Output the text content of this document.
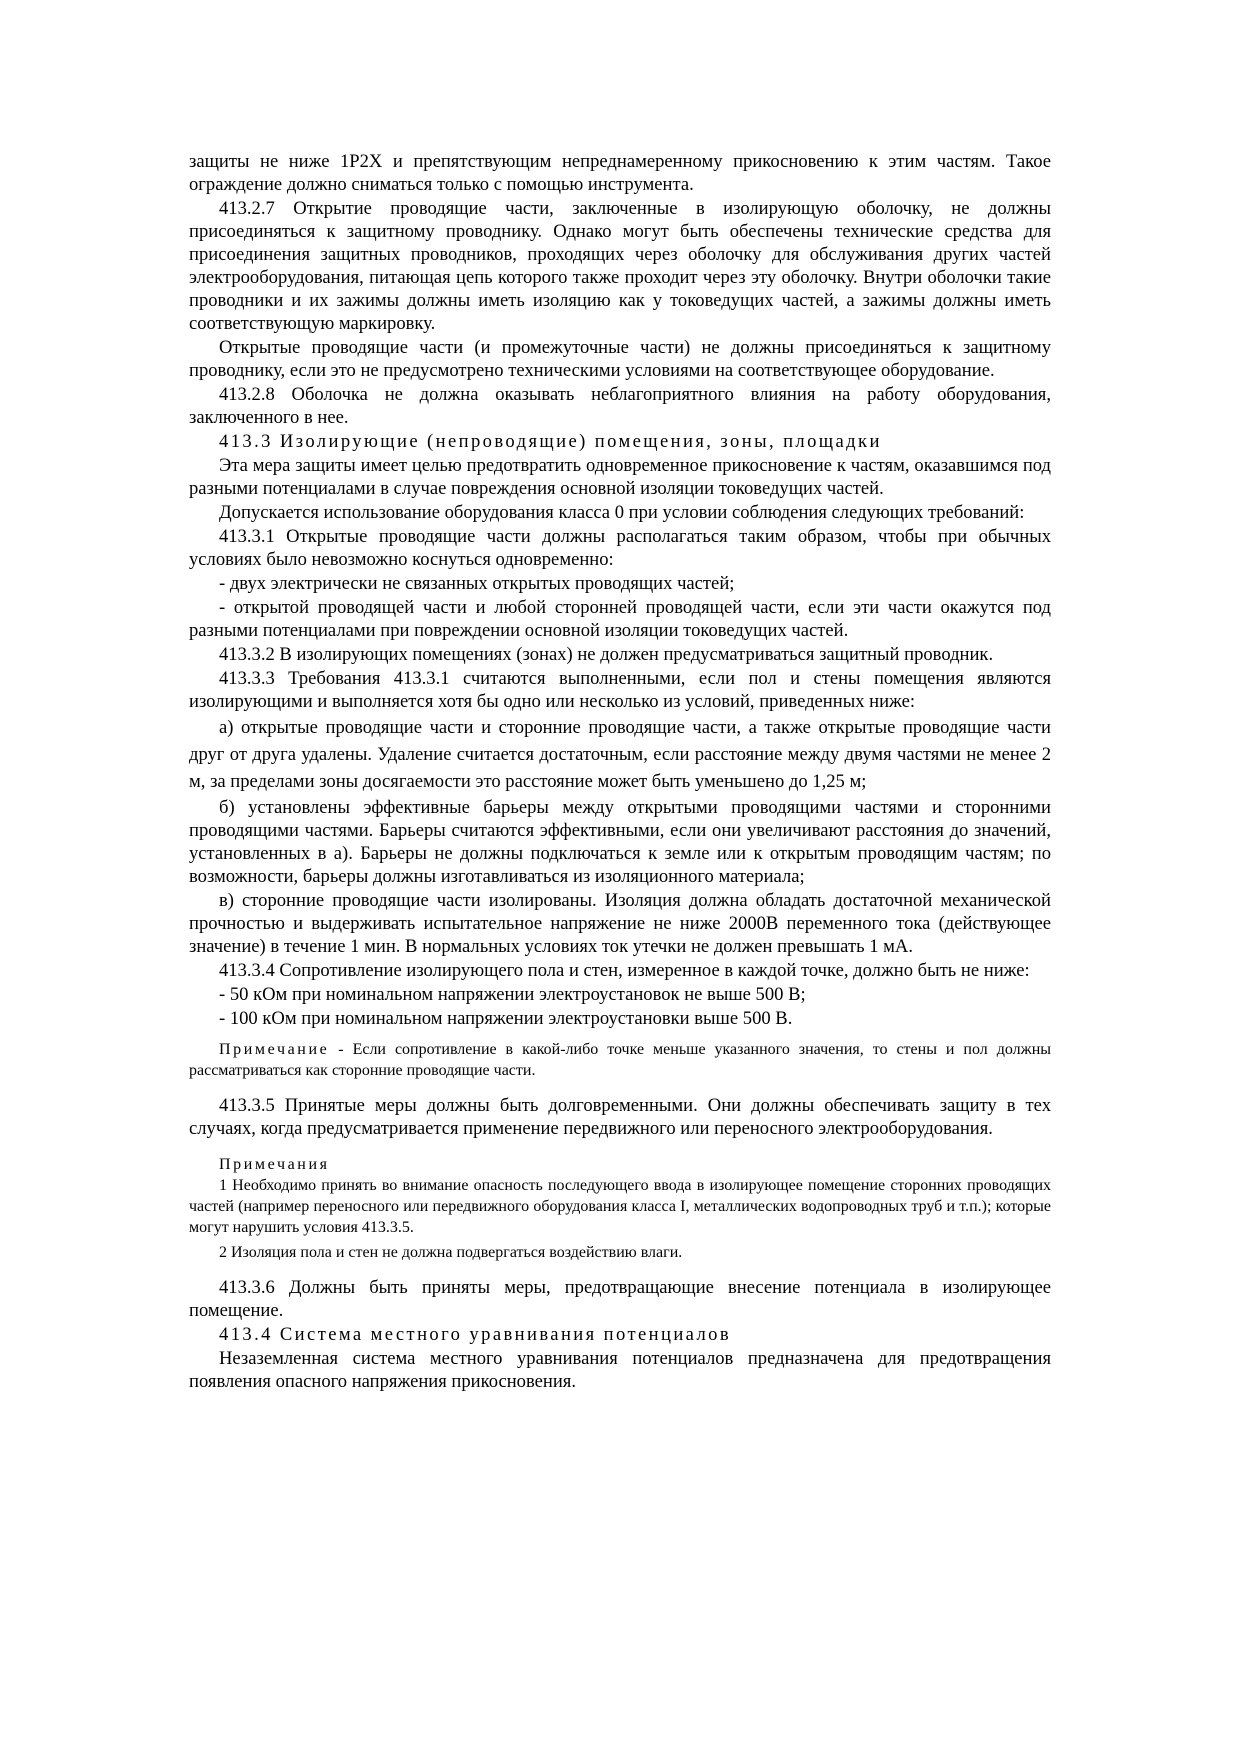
защиты не ниже 1Р2Х и препятствующим непреднамеренному прикосновению к этим частям. Такое ограждение должно сниматься только с помощью инструмента.

413.2.7 Открытие проводящие части, заключенные в изолирующую оболочку, не должны присоединяться к защитному проводнику. Однако могут быть обеспечены технические средства для присоединения защитных проводников, проходящих через оболочку для обслуживания других частей электрооборудования, питающая цепь которого также проходит через эту оболочку. Внутри оболочки такие проводники и их зажимы должны иметь изоляцию как у токоведущих частей, а зажимы должны иметь соответствующую маркировку.

Открытые проводящие части (и промежуточные части) не должны присоединяться к защитному проводнику, если это не предусмотрено техническими условиями на соответствующее оборудование.

413.2.8 Оболочка не должна оказывать неблагоприятного влияния на работу оборудования, заключенного в нее.

413.3 Изолирующие (непроводящие) помещения, зоны, площадки

Эта мера защиты имеет целью предотвратить одновременное прикосновение к частям, оказавшимся под разными потенциалами в случае повреждения основной изоляции токоведущих частей.

Допускается использование оборудования класса 0 при условии соблюдения следующих требований:

413.3.1 Открытые проводящие части должны располагаться таким образом, чтобы при обычных условиях было невозможно коснуться одновременно:

- двух электрически не связанных открытых проводящих частей;

- открытой проводящей части и любой сторонней проводящей части, если эти части окажутся под разными потенциалами при повреждении основной изоляции токоведущих частей.

413.3.2 В изолирующих помещениях (зонах) не должен предусматриваться защитный проводник.

413.3.3 Требования 413.3.1 считаются выполненными, если пол и стены помещения являются изолирующими и выполняется хотя бы одно или несколько из условий, приведенных ниже:

а) открытые проводящие части и сторонние проводящие части, а также открытые проводящие части друг от друга удалены. Удаление считается достаточным, если расстояние между двумя частями не менее 2 м, за пределами зоны досягаемости это расстояние может быть уменьшено до 1,25 м;

б) установлены эффективные барьеры между открытыми проводящими частями и сторонними проводящими частями. Барьеры считаются эффективными, если они увеличивают расстояния до значений, установленных в а). Барьеры не должны подключаться к земле или к открытым проводящим частям; по возможности, барьеры должны изготавливаться из изоляционного материала;

в) сторонние проводящие части изолированы. Изоляция должна обладать достаточной механической прочностью и выдерживать испытательное напряжение не ниже 2000В переменного тока (действующее значение) в течение 1 мин. В нормальных условиях ток утечки не должен превышать 1 мА.

413.3.4 Сопротивление изолирующего пола и стен, измеренное в каждой точке, должно быть не ниже:

- 50 кОм при номинальном напряжении электроустановок не выше 500 В;

- 100 кОм при номинальном напряжении электроустановки выше 500 В.

Примечание - Если сопротивление в какой-либо точке меньше указанного значения, то стены и пол должны рассматриваться как сторонние проводящие части.

413.3.5 Принятые меры должны быть долговременными. Они должны обеспечивать защиту в тех случаях, когда предусматривается применение передвижного или переносного электрооборудования.

Примечания

1 Необходимо принять во внимание опасность последующего ввода в изолирующее помещение сторонних проводящих частей (например переносного или передвижного оборудования класса I, металлических водопроводных труб и т.п.); которые могут нарушить условия 413.3.5.

2 Изоляция пола и стен не должна подвергаться воздействию влаги.

413.3.6 Должны быть приняты меры, предотвращающие внесение потенциала в изолирующее помещение.

413.4 Система местного уравнивания потенциалов

Незаземленная система местного уравнивания потенциалов предназначена для предотвращения появления опасного напряжения прикосновения.
